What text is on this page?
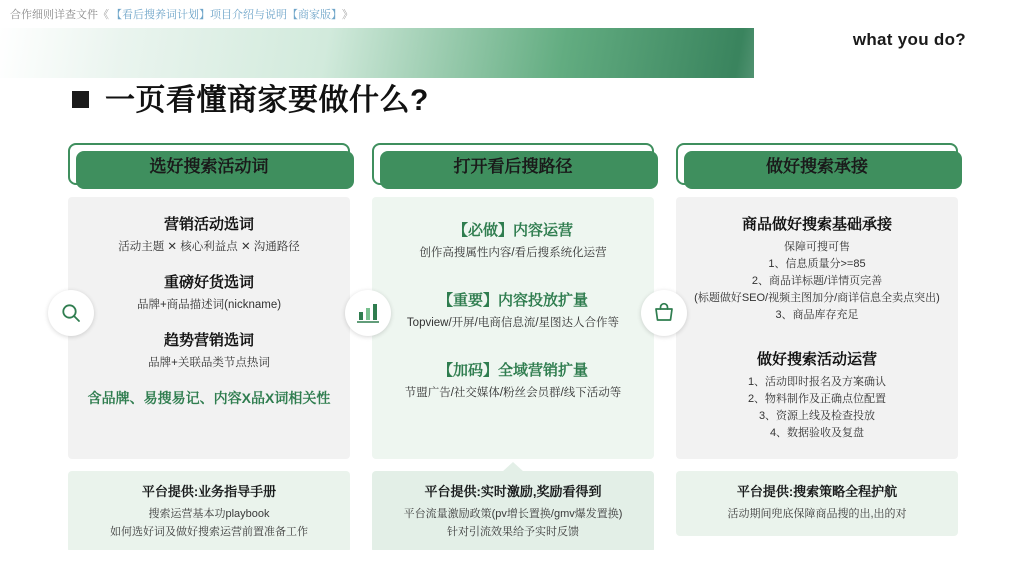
合作细则详查文件《 【看后搜养词计划】项目介绍与说明【商家版】 》
what you do?
一页看懂商家要做什么?
选好搜索活动词
营销活动选词
活动主题 ✕ 核心利益点 ✕ 沟通路径
重磅好货选词
品牌+商品描述词(nickname)
趋势营销选词
品牌+关联品类节点热词
含品牌、易搜易记、内容X品X词相关性
平台提供:业务指导手册
搜索运营基本功playbook
如何选好词及做好搜索运营前置准备工作
打开看后搜路径
【必做】内容运营
创作高搜属性内容/看后搜系统化运营
【重要】内容投放扩量
Topview/开屏/电商信息流/星图达人合作等
【加码】全域营销扩量
节盟广告/社交媒体/粉丝会员群/线下活动等
平台提供:实时激励,奖励看得到
平台流量激励政策(pv增长置换/gmv爆发置换)
针对引流效果给予实时反馈
做好搜索承接
商品做好搜索基础承接
保障可搜可售
1、信息质量分>=85
2、商品详标题/详情页完善
(标题做好SEO/视频主图加分/商详信息全卖点突出)
3、商品库存充足
做好搜索活动运营
1、活动即时报名及方案确认
2、物料制作及正确点位配置
3、资源上线及检查投放
4、数据验收及复盘
平台提供:搜索策略全程护航
活动期间兜底保障商品搜的出,出的对
